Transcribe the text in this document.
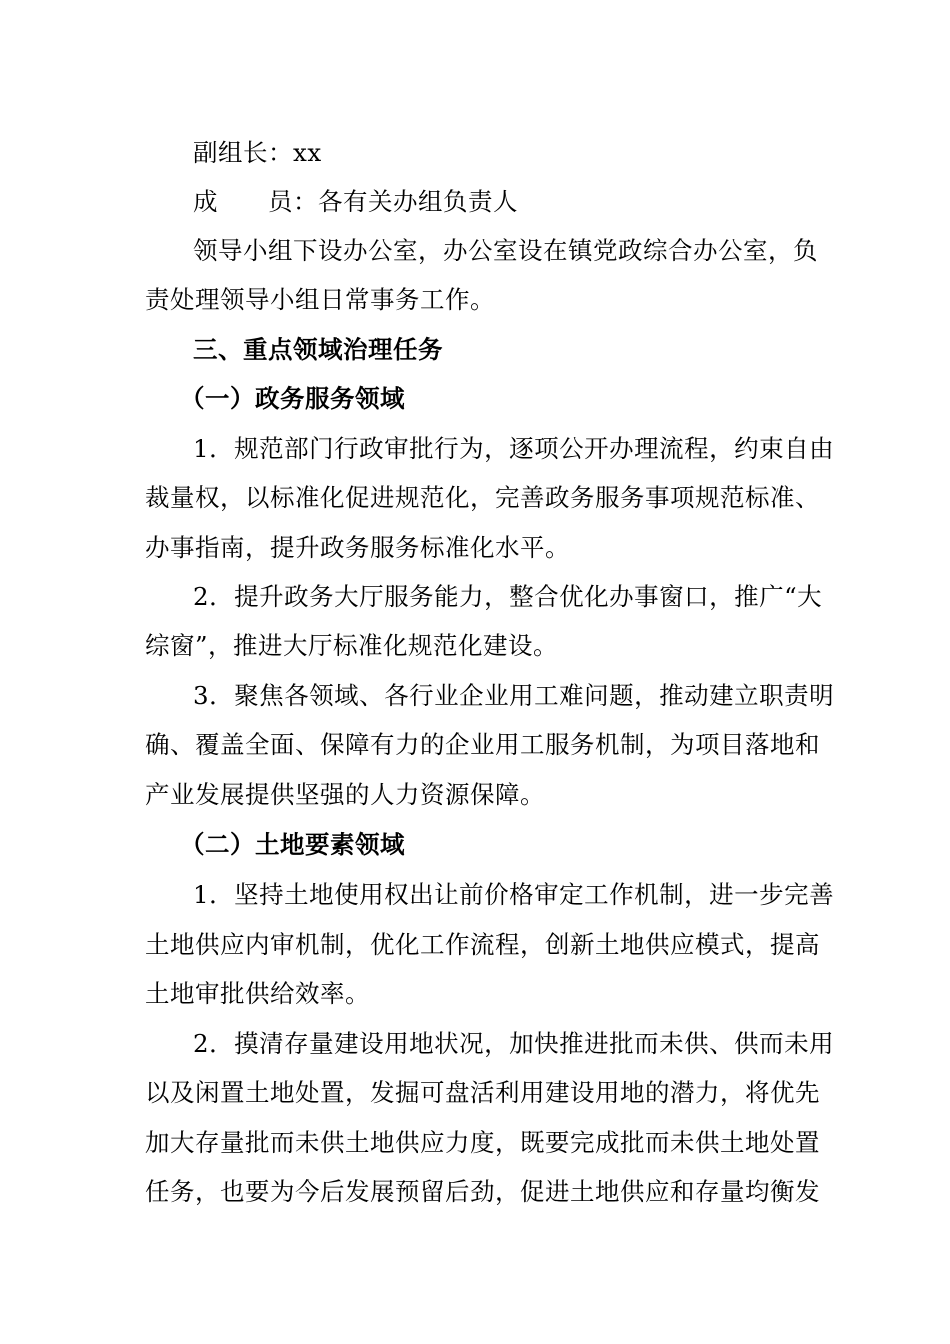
副组长：xx
成 员：各有关办组负责人
领导小组下设办公室，办公室设在镇党政综合办公室，负
责处理领导小组日常事务工作。
三、重点领域治理任务
（一）政务服务领域
1．规范部门行政审批行为，逐项公开办理流程，约束自由
裁量权，以标准化促进规范化，完善政务服务事项规范标准、
办事指南，提升政务服务标准化水平。
2．提升政务大厅服务能力，整合优化办事窗口，推广“大
综窗”，推进大厅标准化规范化建设。
3．聚焦各领域、各行业企业用工难问题，推动建立职责明
确、覆盖全面、保障有力的企业用工服务机制，为项目落地和
产业发展提供坚强的人力资源保障。
（二）土地要素领域
1．坚持土地使用权出让前价格审定工作机制，进一步完善
土地供应内审机制，优化工作流程，创新土地供应模式，提高
土地审批供给效率。
2．摸清存量建设用地状况，加快推进批而未供、供而未用
以及闲置土地处置，发掘可盘活利用建设用地的潜力，将优先
加大存量批而未供土地供应力度，既要完成批而未供土地处置
任务，也要为今后发展预留后劲，促进土地供应和存量均衡发
